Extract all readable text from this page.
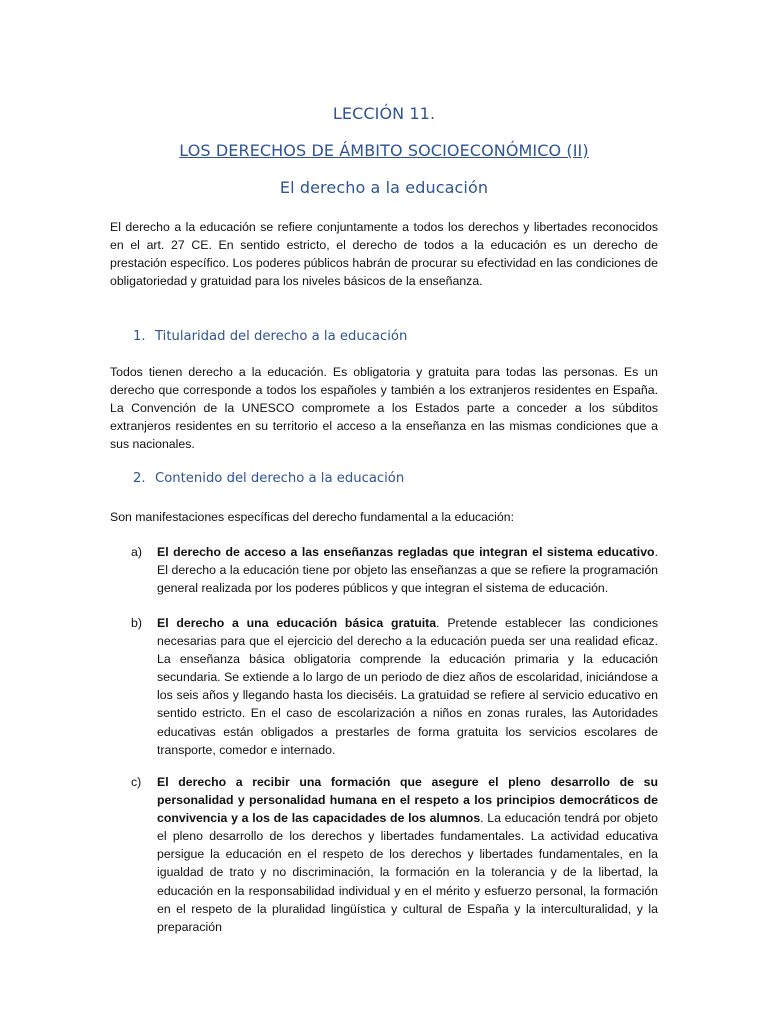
LECCIÓN 11.
LOS DERECHOS DE ÁMBITO SOCIOECONÓMICO (II)
El derecho a la educación

El derecho a la educación se refiere conjuntamente a todos los derechos y libertades reconocidos en el art. 27 CE. En sentido estricto, el derecho de todos a la educación es un derecho de prestación específico. Los poderes públicos habrán de procurar su efectividad en las condiciones de obligatoriedad y gratuidad para los niveles básicos de la enseñanza.

1. Titularidad del derecho a la educación

Todos tienen derecho a la educación. Es obligatoria y gratuita para todas las personas. Es un derecho que corresponde a todos los españoles y también a los extranjeros residentes en España. La Convención de la UNESCO compromete a los Estados parte a conceder a los súbditos extranjeros residentes en su territorio el acceso a la enseñanza en las mismas condiciones que a sus nacionales.

2. Contenido del derecho a la educación

Son manifestaciones específicas del derecho fundamental a la educación:

a) El derecho de acceso a las enseñanzas regladas que integran el sistema educativo. El derecho a la educación tiene por objeto las enseñanzas a que se refiere la programación general realizada por los poderes públicos y que integran el sistema de educación.

b) El derecho a una educación básica gratuita. Pretende establecer las condiciones necesarias para que el ejercicio del derecho a la educación pueda ser una realidad eficaz. La enseñanza básica obligatoria comprende la educación primaria y la educación secundaria. Se extiende a lo largo de un periodo de diez años de escolaridad, iniciándose a los seis años y llegando hasta los dieciséis. La gratuidad se refiere al servicio educativo en sentido estricto. En el caso de escolarización a niños en zonas rurales, las Autoridades educativas están obligados a prestarles de forma gratuita los servicios escolares de transporte, comedor e internado.

c) El derecho a recibir una formación que asegure el pleno desarrollo de su personalidad y personalidad humana en el respeto a los principios democráticos de convivencia y a los de las capacidades de los alumnos. La educación tendrá por objeto el pleno desarrollo de los derechos y libertades fundamentales. La actividad educativa persigue la educación en el respeto de los derechos y libertades fundamentales, en la igualdad de trato y no discriminación, la formación en la tolerancia y de la libertad, la educación en la responsabilidad individual y en el mérito y esfuerzo personal, la formación en el respeto de la pluralidad lingüística y cultural de España y la interculturalidad, y la preparación
